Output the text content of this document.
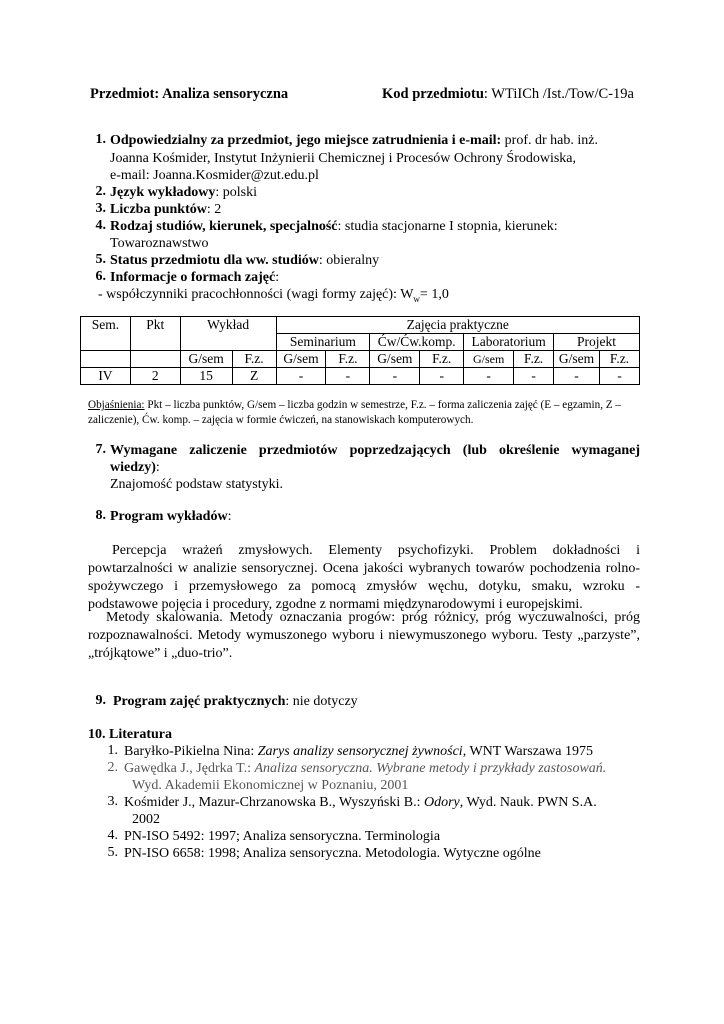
Przedmiot: Analiza sensoryczna	Kod przedmiotu: WTiICh /Ist./Tow/C-19a
1. Odpowiedzialny za przedmiot, jego miejsce zatrudnienia i e-mail: prof. dr hab. inż.
Joanna Kośmider, Instytut Inżynierii Chemicznej i Procesów Ochrony Środowiska,
e-mail: Joanna.Kosmider@zut.edu.pl
2. Język wykładowy: polski
3. Liczba punktów: 2
4. Rodzaj studiów, kierunek, specjalność: studia stacjonarne I stopnia, kierunek:
Towaroznawstwo
5. Status przedmiotu dla ww. studiów: obieralny
6. Informacje o formach zajęć:
- współczynniki pracochłonności (wagi formy zajęć): $W_w= 1,0$
Sem.	Pkt	Wykład		Zajęcia praktyczne							
				Seminarium		Ćw/Ćw.komp.		Laboratorium		Projekt	
		G/sem	F.z.	G/sem	F.z.	G/sem	F.z.	G/sem	F.z.	G/sem	F.z.
IV	2	15	Z	-	-	-	-	-	-	-	-
Objaśnienia: Pkt – liczba punktów, G/sem – liczba godzin w semestrze, F.z. – forma zaliczenia zajęć (E – egzamin, Z – zaliczenie), Ćw. komp. – zajęcia w formie ćwiczeń, na stanowiskach komputerowych.
7. Wymagane zaliczenie przedmiotów poprzedzających (lub określenie wymaganej
wiedzy):
Znajomość podstaw statystyki.
8. Program wykładów:
Percepcja wrażeń zmysłowych. Elementy psychofizyki. Problem dokładności i powtarzalności w analizie sensorycznej. Ocena jakości wybranych towarów pochodzenia rolno-spożywczego i przemysłowego za pomocą zmysłów węchu, dotyku, smaku, wzroku - podstawowe pojęcia i procedury, zgodne z normami międzynarodowymi i europejskimi.
Metody skalowania. Metody oznaczania progów: próg różnicy, próg wyczuwalności, próg rozpoznawalności. Metody wymuszonego wyboru i niewymuszonego wyboru. Testy „parzyste”, „trójkątowe” i „duo-trio”.
9. Program zajęć praktycznych: nie dotyczy
10. Literatura
1. Baryłko-Pikielna Nina: Zarys analizy sensorycznej żywności, WNT Warszawa 1975
2. Gawędka J., Jędrka T.: Analiza sensoryczna. Wybrane metody i przykłady zastosowań.
Wyd. Akademii Ekonomicznej w Poznaniu, 2001
3. Kośmider J., Mazur-Chrzanowska B., Wyszyński B.: Odory, Wyd. Nauk. PWN S.A.
2002
4. PN-ISO 5492: 1997; Analiza sensoryczna. Terminologia
5. PN-ISO 6658: 1998; Analiza sensoryczna. Metodologia. Wytyczne ogólne
